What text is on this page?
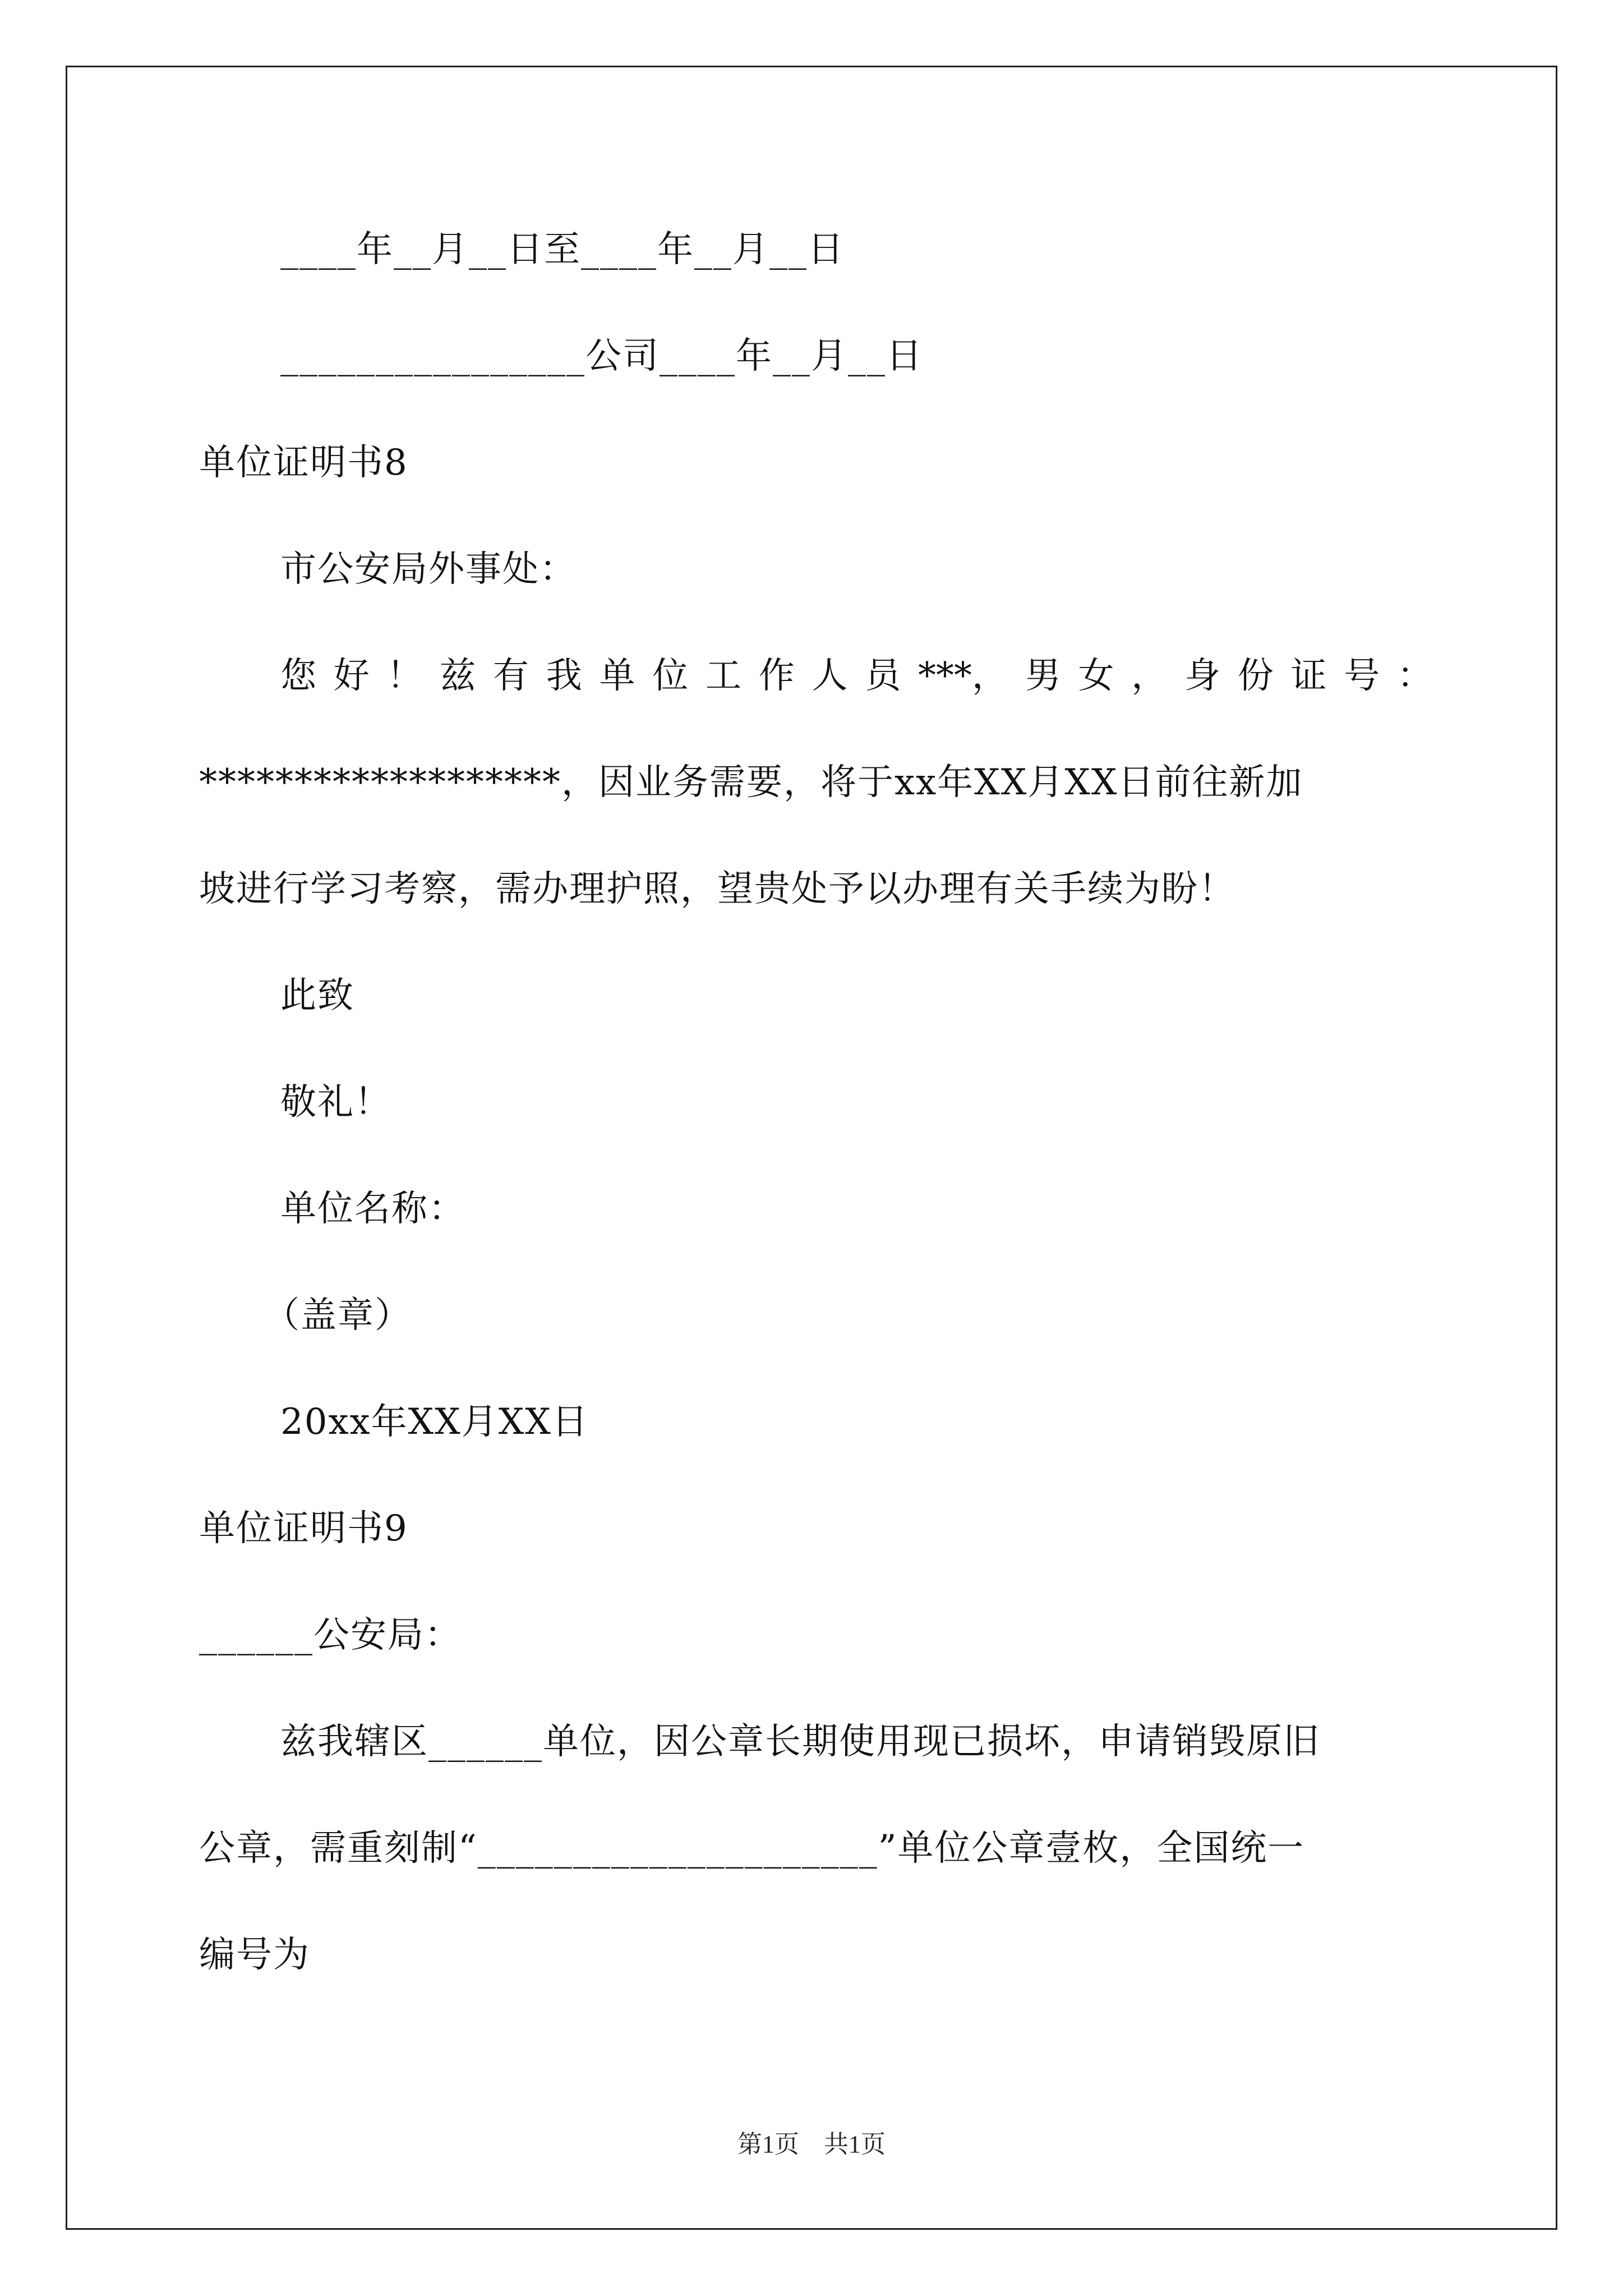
____年__月__日至____年__月__日
________________公司____年__月__日
单位证明书8
市公安局外事处：
您 好 ！ 兹 有 我 单 位 工 作 人 员 ***， 男 女 ， 身 份 证 号 ：
*******************，因业务需要，将于xx年XX月XX日前往新加
坡进行学习考察，需办理护照，望贵处予以办理有关手续为盼！
此致
敬礼！
单位名称：
（盖章）
20xx年XX月XX日
单位证明书9
______公安局：
兹我辖区______单位，因公章长期使用现已损坏，申请销毁原旧
公章，需重刻制“_____________________”单位公章壹枚，全国统一
编号为
第1页　共1页
